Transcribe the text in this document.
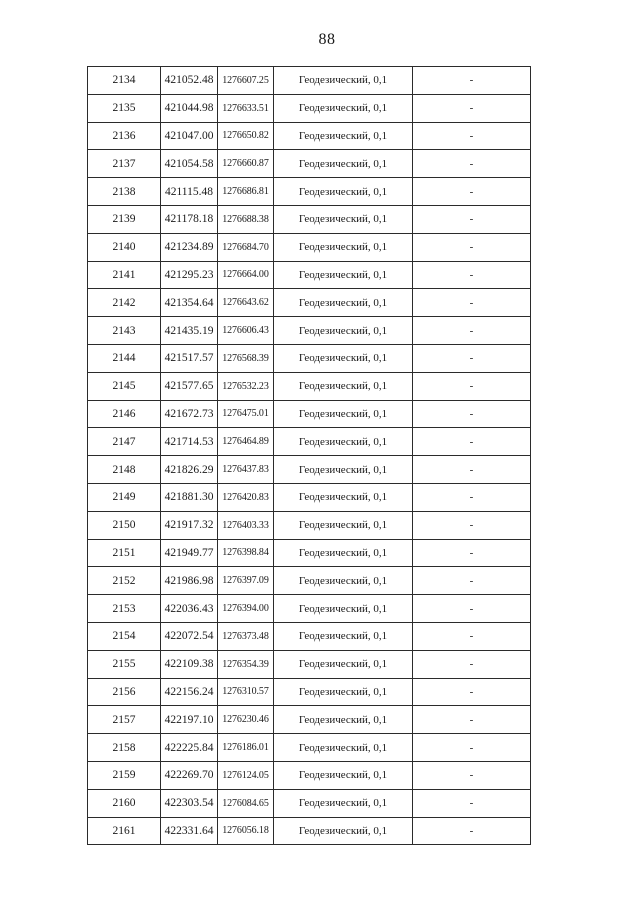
88
2134	421052.48	1276607.25	Геодезический, 0,1	-
2135	421044.98	1276633.51	Геодезический, 0,1	-
2136	421047.00	1276650.82	Геодезический, 0,1	-
2137	421054.58	1276660.87	Геодезический, 0,1	-
2138	421115.48	1276686.81	Геодезический, 0,1	-
2139	421178.18	1276688.38	Геодезический, 0,1	-
2140	421234.89	1276684.70	Геодезический, 0,1	-
2141	421295.23	1276664.00	Геодезический, 0,1	-
2142	421354.64	1276643.62	Геодезический, 0,1	-
2143	421435.19	1276606.43	Геодезический, 0,1	-
2144	421517.57	1276568.39	Геодезический, 0,1	-
2145	421577.65	1276532.23	Геодезический, 0,1	-
2146	421672.73	1276475.01	Геодезический, 0,1	-
2147	421714.53	1276464.89	Геодезический, 0,1	-
2148	421826.29	1276437.83	Геодезический, 0,1	-
2149	421881.30	1276420.83	Геодезический, 0,1	-
2150	421917.32	1276403.33	Геодезический, 0,1	-
2151	421949.77	1276398.84	Геодезический, 0,1	-
2152	421986.98	1276397.09	Геодезический, 0,1	-
2153	422036.43	1276394.00	Геодезический, 0,1	-
2154	422072.54	1276373.48	Геодезический, 0,1	-
2155	422109.38	1276354.39	Геодезический, 0,1	-
2156	422156.24	1276310.57	Геодезический, 0,1	-
2157	422197.10	1276230.46	Геодезический, 0,1	-
2158	422225.84	1276186.01	Геодезический, 0,1	-
2159	422269.70	1276124.05	Геодезический, 0,1	-
2160	422303.54	1276084.65	Геодезический, 0,1	-
2161	422331.64	1276056.18	Геодезический, 0,1	-
